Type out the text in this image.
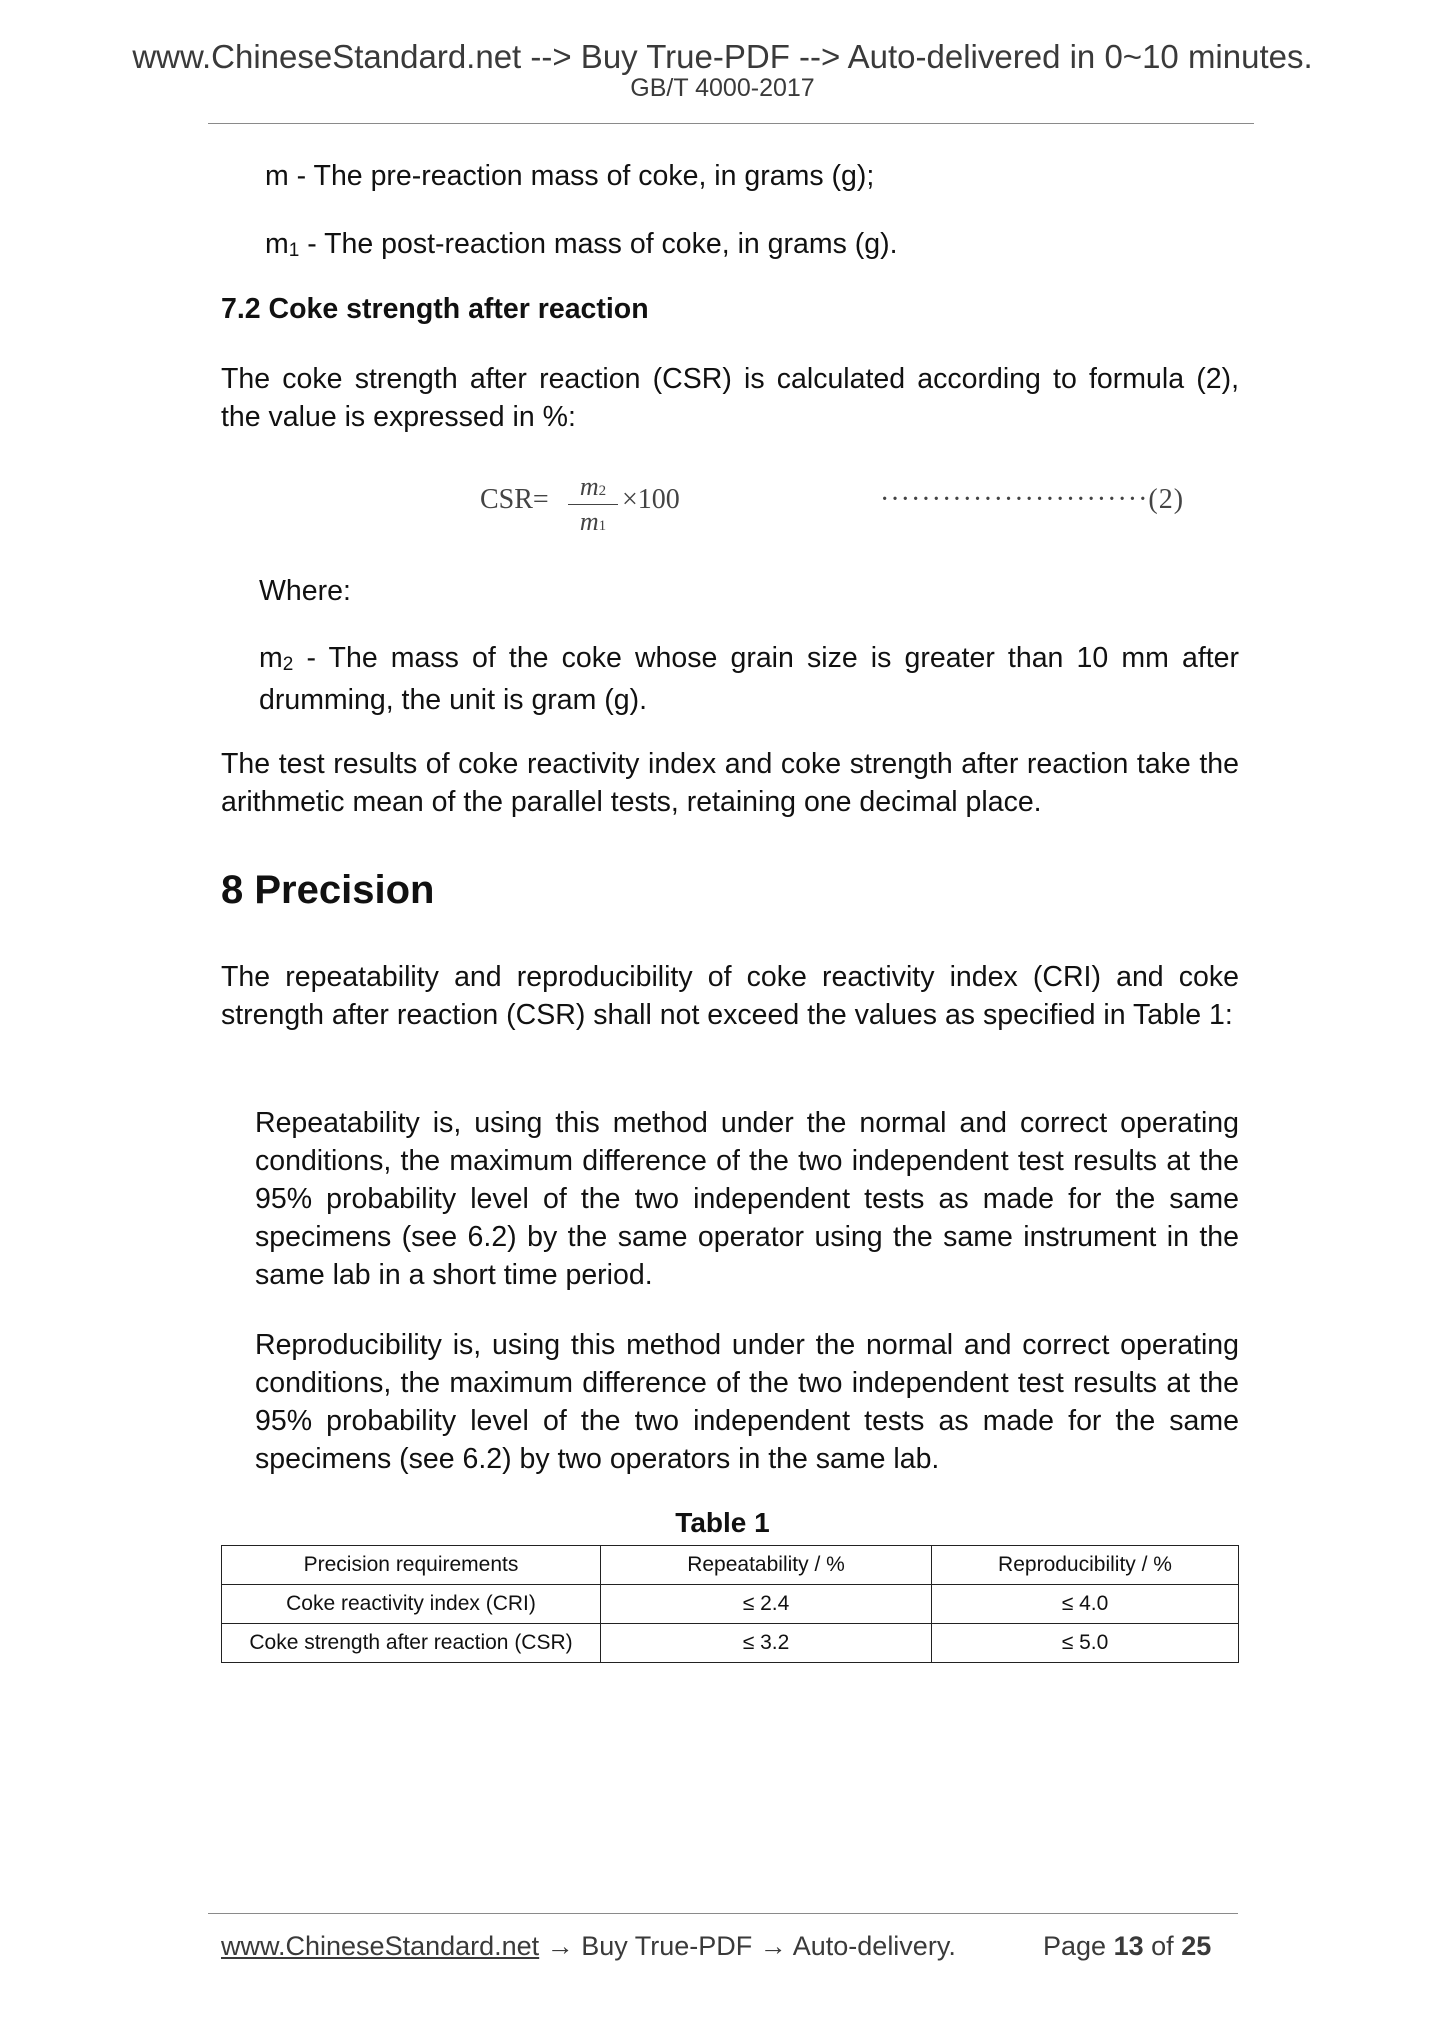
www.ChineseStandard.net --> Buy True-PDF --> Auto-delivered in 0~10 minutes.
GB/T 4000-2017
m - The pre-reaction mass of coke, in grams (g);
m1 - The post-reaction mass of coke, in grams (g).
7.2 Coke strength after reaction
The coke strength after reaction (CSR) is calculated according to formula (2), the value is expressed in %:
CSR=	m2
m1
×100	··························(2)
Where:
m2 - The mass of the coke whose grain size is greater than 10 mm after drumming, the unit is gram (g).
The test results of coke reactivity index and coke strength after reaction take the arithmetic mean of the parallel tests, retaining one decimal place.
8 Precision
The repeatability and reproducibility of coke reactivity index (CRI) and coke strength after reaction (CSR) shall not exceed the values as specified in Table 1:
Repeatability is, using this method under the normal and correct operating conditions, the maximum difference of the two independent test results at the 95% probability level of the two independent tests as made for the same specimens (see 6.2) by the same operator using the same instrument in the same lab in a short time period.
Reproducibility is, using this method under the normal and correct operating conditions, the maximum difference of the two independent test results at the 95% probability level of the two independent tests as made for the same specimens (see 6.2) by two operators in the same lab.
Table 1
Precision requirements	Repeatability / %	Reproducibility / %
Coke reactivity index (CRI)	≤ 2.4	≤ 4.0
Coke strength after reaction (CSR)	≤ 3.2	≤ 5.0
www.ChineseStandard.net → Buy True-PDF → Auto-delivery.	Page 13 of 25
